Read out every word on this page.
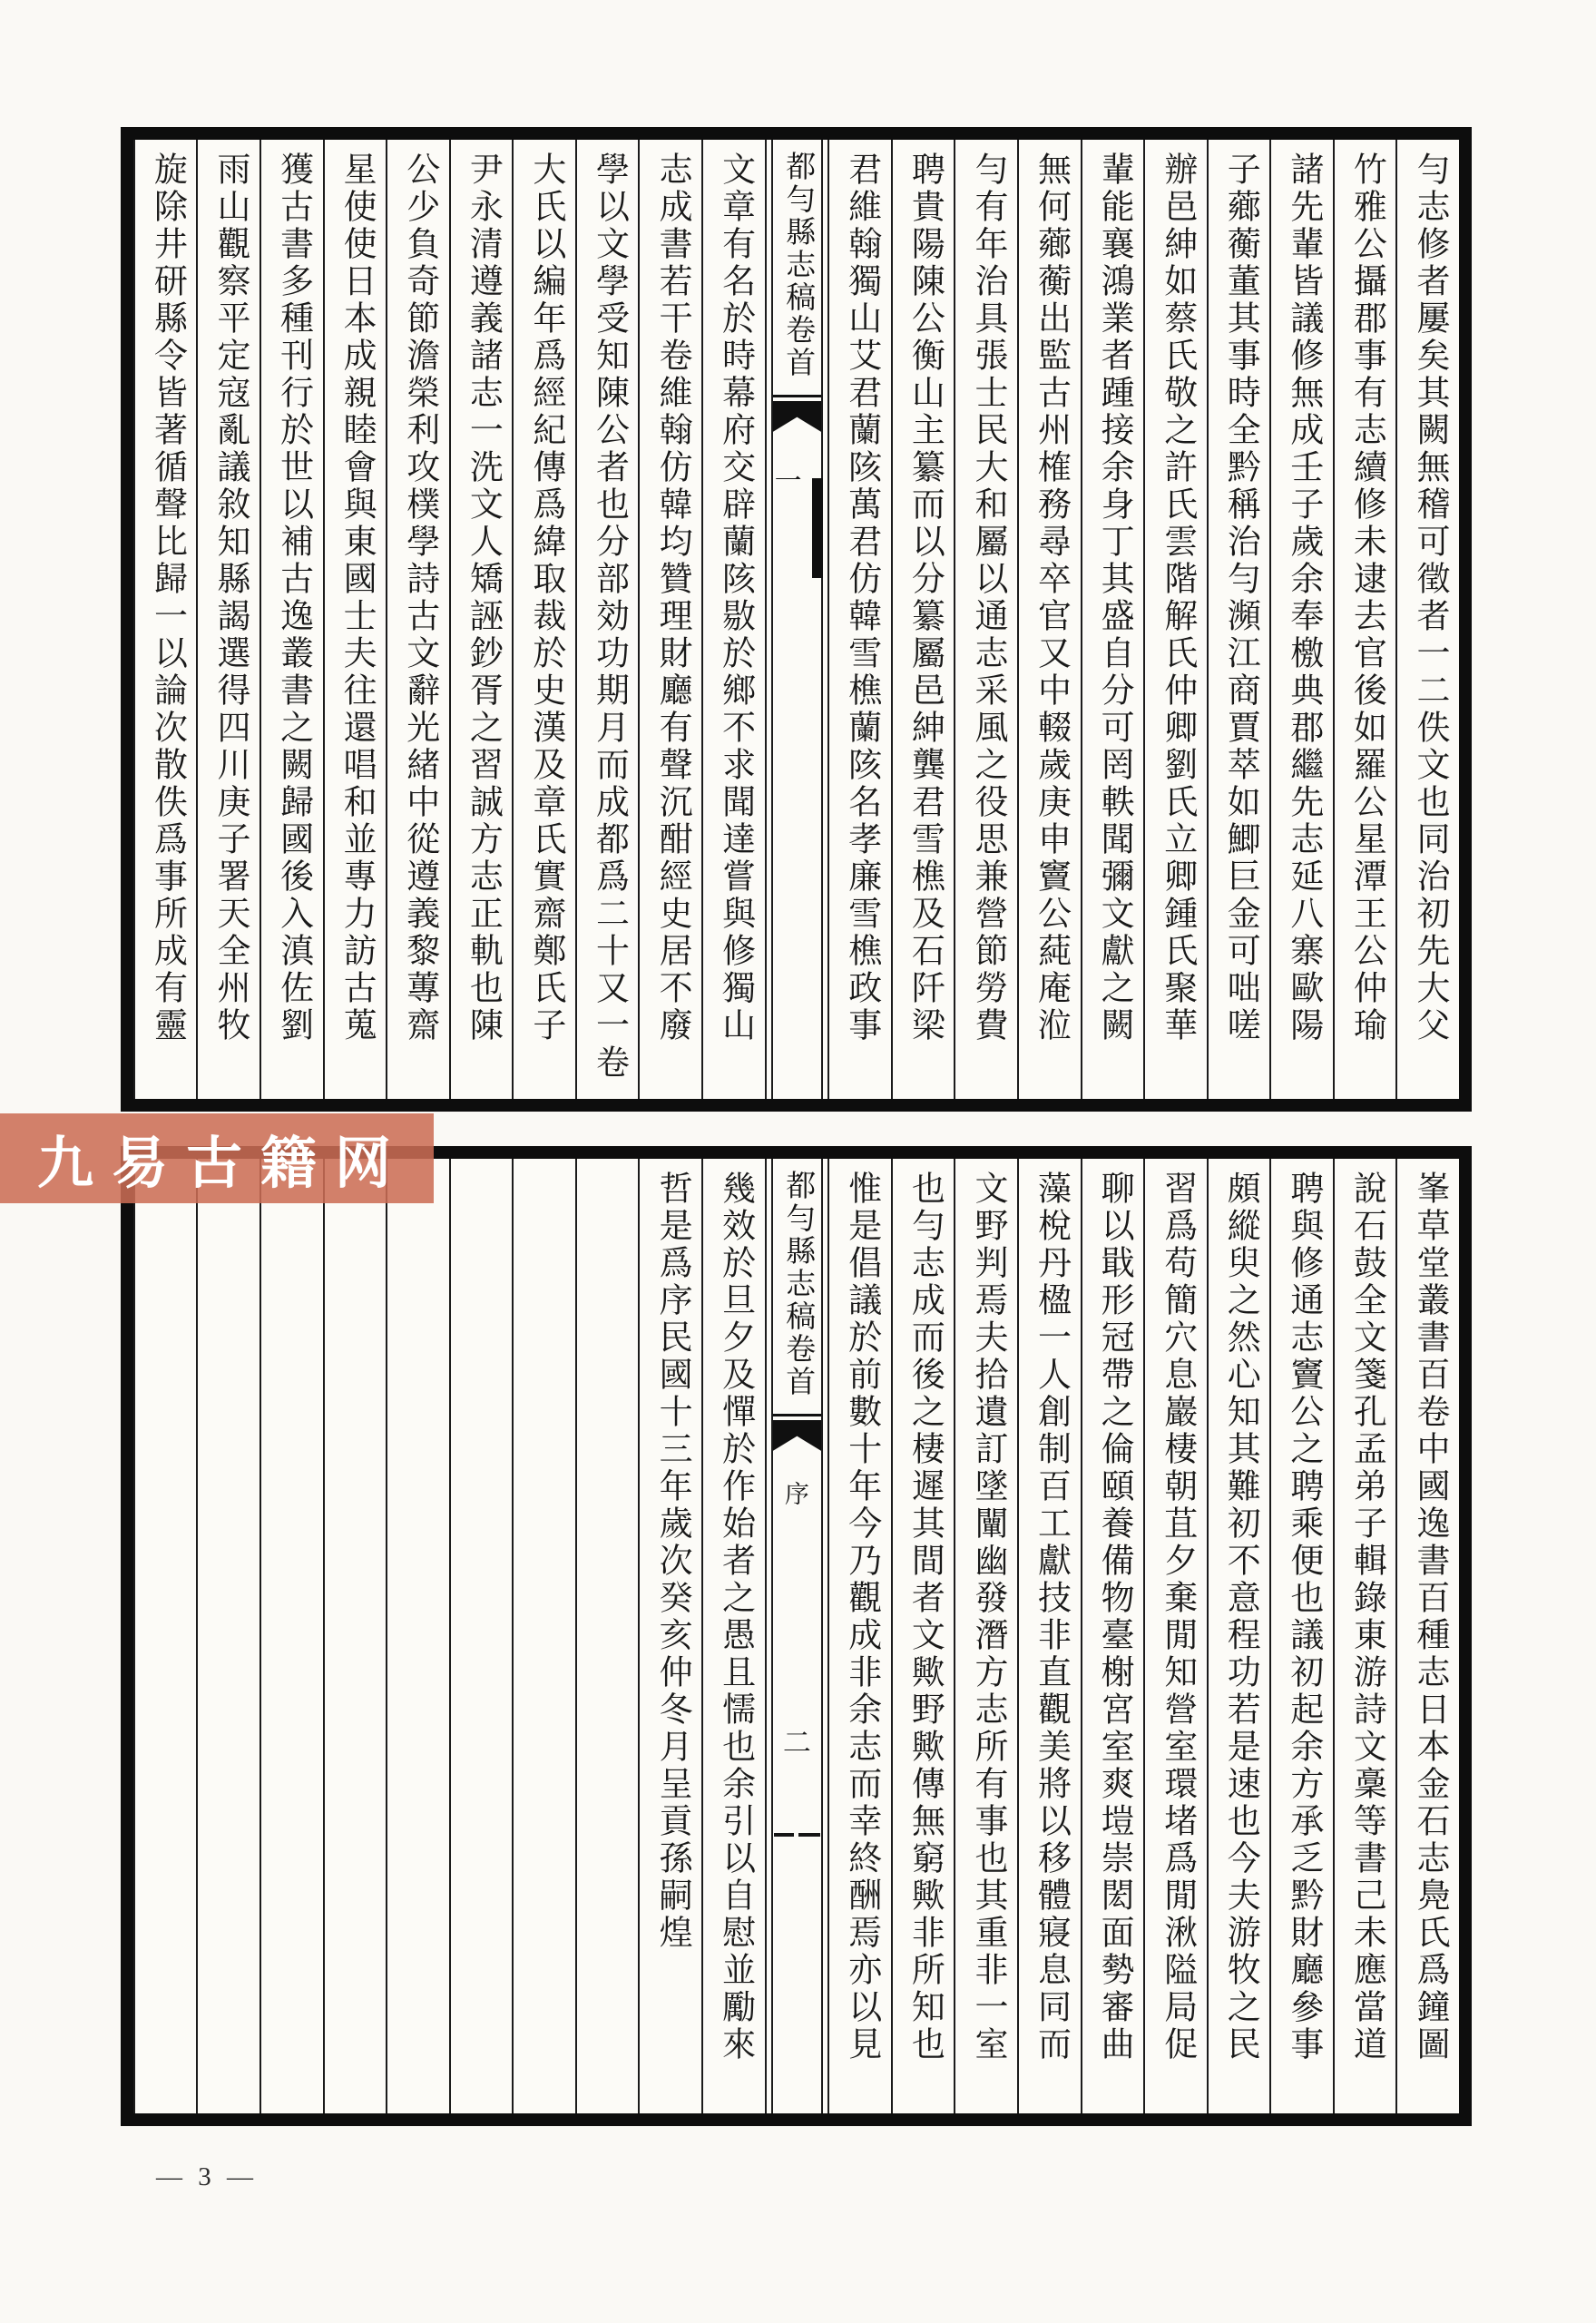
勻志修者屢矣其闕無稽可徵者一二佚文也同治初先大父
竹雅公攝郡事有志續修未逮去官後如羅公星潭王公仲瑜
諸先輩皆議修無成壬子歲余奉檄典郡繼先志延八寨歐陽
子薌蘅董其事時全黔稱治勻瀕江商賈萃如鯽巨金可咄嗟
辦邑紳如蔡氏敬之許氏雲階解氏仲卿劉氏立卿鍾氏聚華
輩能襄鴻業者踵接余身丁其盛自分可罔軼聞彌文獻之闕
無何薌蘅出監古州榷務尋卒官又中輟歲庚申竇公蒓庵涖
勻有年治具張士民大和屬以通志采風之役思兼營節勞費
聘貴陽陳公衡山主纂而以分纂屬邑紳龔君雪樵及石阡梁
君維翰獨山艾君蘭陔萬君仿韓雪樵蘭陔名孝廉雪樵政事
都勻縣志稿卷首
一
文章有名於時幕府交辟蘭陔敭於鄉不求聞達嘗與修獨山
志成書若干卷維翰仿韓均贊理財廳有聲沉酣經史居不廢
學以文學受知陳公者也分部効功期月而成都爲二十又一卷
大氏以編年爲經紀傳爲緯取裁於史漢及章氏實齋鄭氏子
尹永清遵義諸志一洗文人矯誣鈔胥之習誠方志正軌也陳
公少負奇節澹榮利攻樸學詩古文辭光緒中從遵義黎蓴齋
星使使日本成親睦會與東國士夫往還唱和並專力訪古蒐
獲古書多種刊行於世以補古逸叢書之闕歸國後入滇佐劉
雨山觀察平定寇亂議敘知縣謁選得四川庚子署天全州牧
旋除井研縣令皆著循聲比歸一以論次散佚爲事所成有靈
峯草堂叢書百卷中國逸書百種志日本金石志鳧氏爲鐘圖
說石鼓全文箋孔孟弟子輯錄東游詩文稾等書己未應當道
聘與修通志竇公之聘乘便也議初起余方承乏黔財廳參事
頗縱臾之然心知其難初不意程功若是速也今夫游牧之民
習爲苟簡穴息巖棲朝苴夕棄閒知營室環堵爲閒湫隘局促
聊以戢形冠帶之倫頤養備物臺榭宮室爽塏崇閎面勢審曲
藻梲丹楹一人創制百工獻技非直觀美將以移體寢息同而
文野判焉夫拾遺訂墜闡幽發潛方志所有事也其重非一室
也勻志成而後之棲遲其間者文歟野歟傳無窮歟非所知也
惟是倡議於前數十年今乃觀成非余志而幸終酬焉亦以見
都勻縣志稿卷首
序
二
幾效於旦夕及憚於作始者之愚且懦也余引以自慰並勵來
哲是爲序民國十三年歲次癸亥仲冬月呈貢孫嗣煌
九易古籍网
— 3 —
